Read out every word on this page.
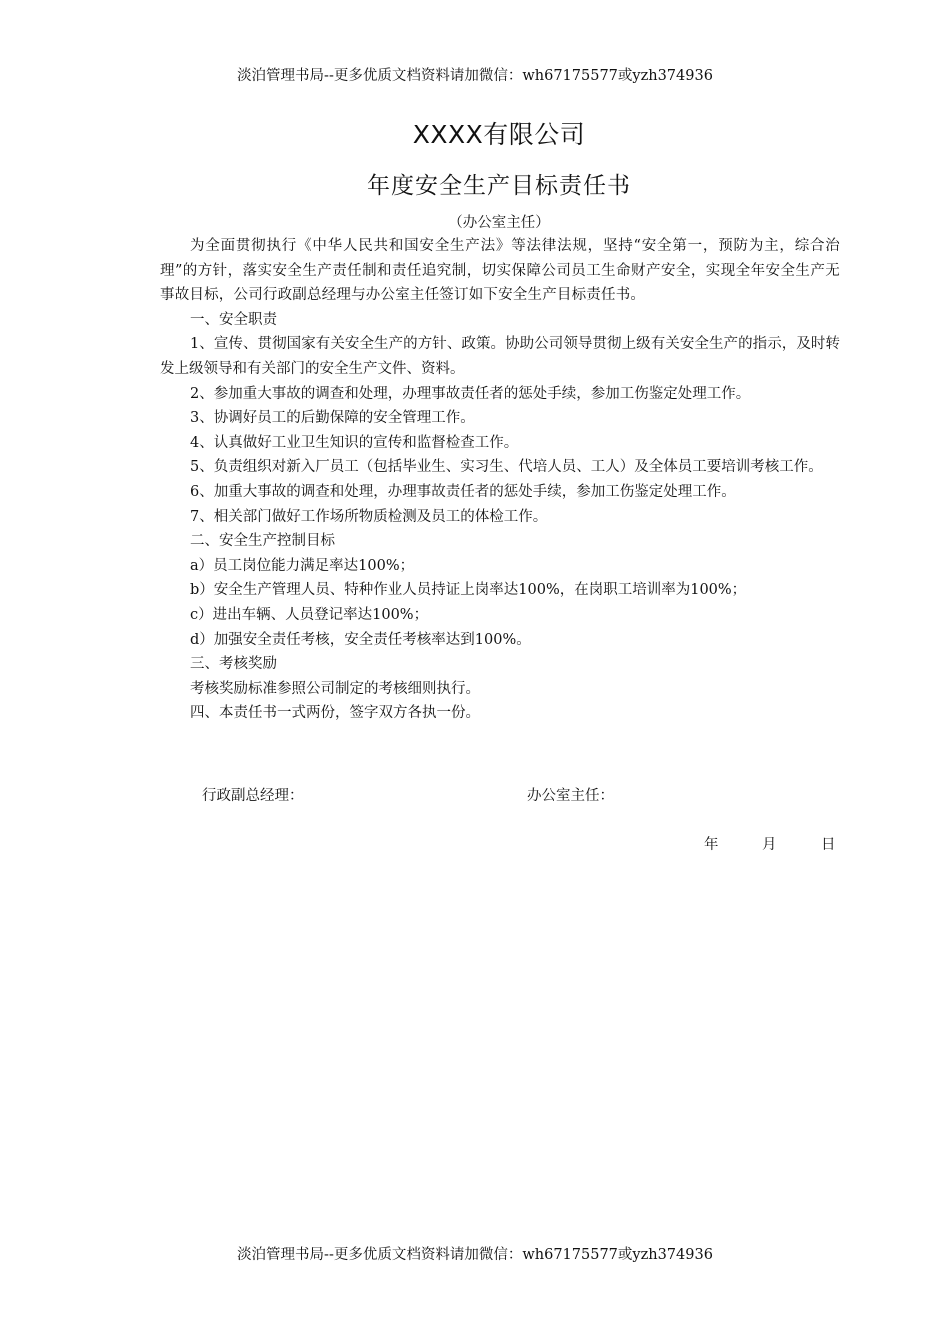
淡泊管理书局--更多优质文档资料请加微信：wh67175577或yzh374936
XXXX有限公司
年度安全生产目标责任书
（办公室主任）

为全面贯彻执行《中华人民共和国安全生产法》等法律法规，坚持“安全第一，预防为主，综合治理”的方针，落实安全生产责任制和责任追究制，切实保障公司员工生命财产安全，实现全年安全生产无事故目标，公司行政副总经理与办公室主任签订如下安全生产目标责任书。

一、安全职责

1、宣传、贯彻国家有关安全生产的方针、政策。协助公司领导贯彻上级有关安全生产的指示，及时转发上级领导和有关部门的安全生产文件、资料。

2、参加重大事故的调查和处理，办理事故责任者的惩处手续，参加工伤鉴定处理工作。

3、协调好员工的后勤保障的安全管理工作。

4、认真做好工业卫生知识的宣传和监督检查工作。

5、负责组织对新入厂员工（包括毕业生、实习生、代培人员、工人）及全体员工要培训考核工作。

6、加重大事故的调查和处理，办理事故责任者的惩处手续，参加工伤鉴定处理工作。

7、相关部门做好工作场所物质检测及员工的体检工作。

二、安全生产控制目标

a）员工岗位能力满足率达100%；

b）安全生产管理人员、特种作业人员持证上岗率达100%，在岗职工培训率为100%；

c）进出车辆、人员登记率达100%；

d）加强安全责任考核，安全责任考核率达到100%。

三、考核奖励

考核奖励标准参照公司制定的考核细则执行。

四、本责任书一式两份，签字双方各执一份。

行政副总经理：	办公室主任：
年	月	日
淡泊管理书局--更多优质文档资料请加微信：wh67175577或yzh374936
